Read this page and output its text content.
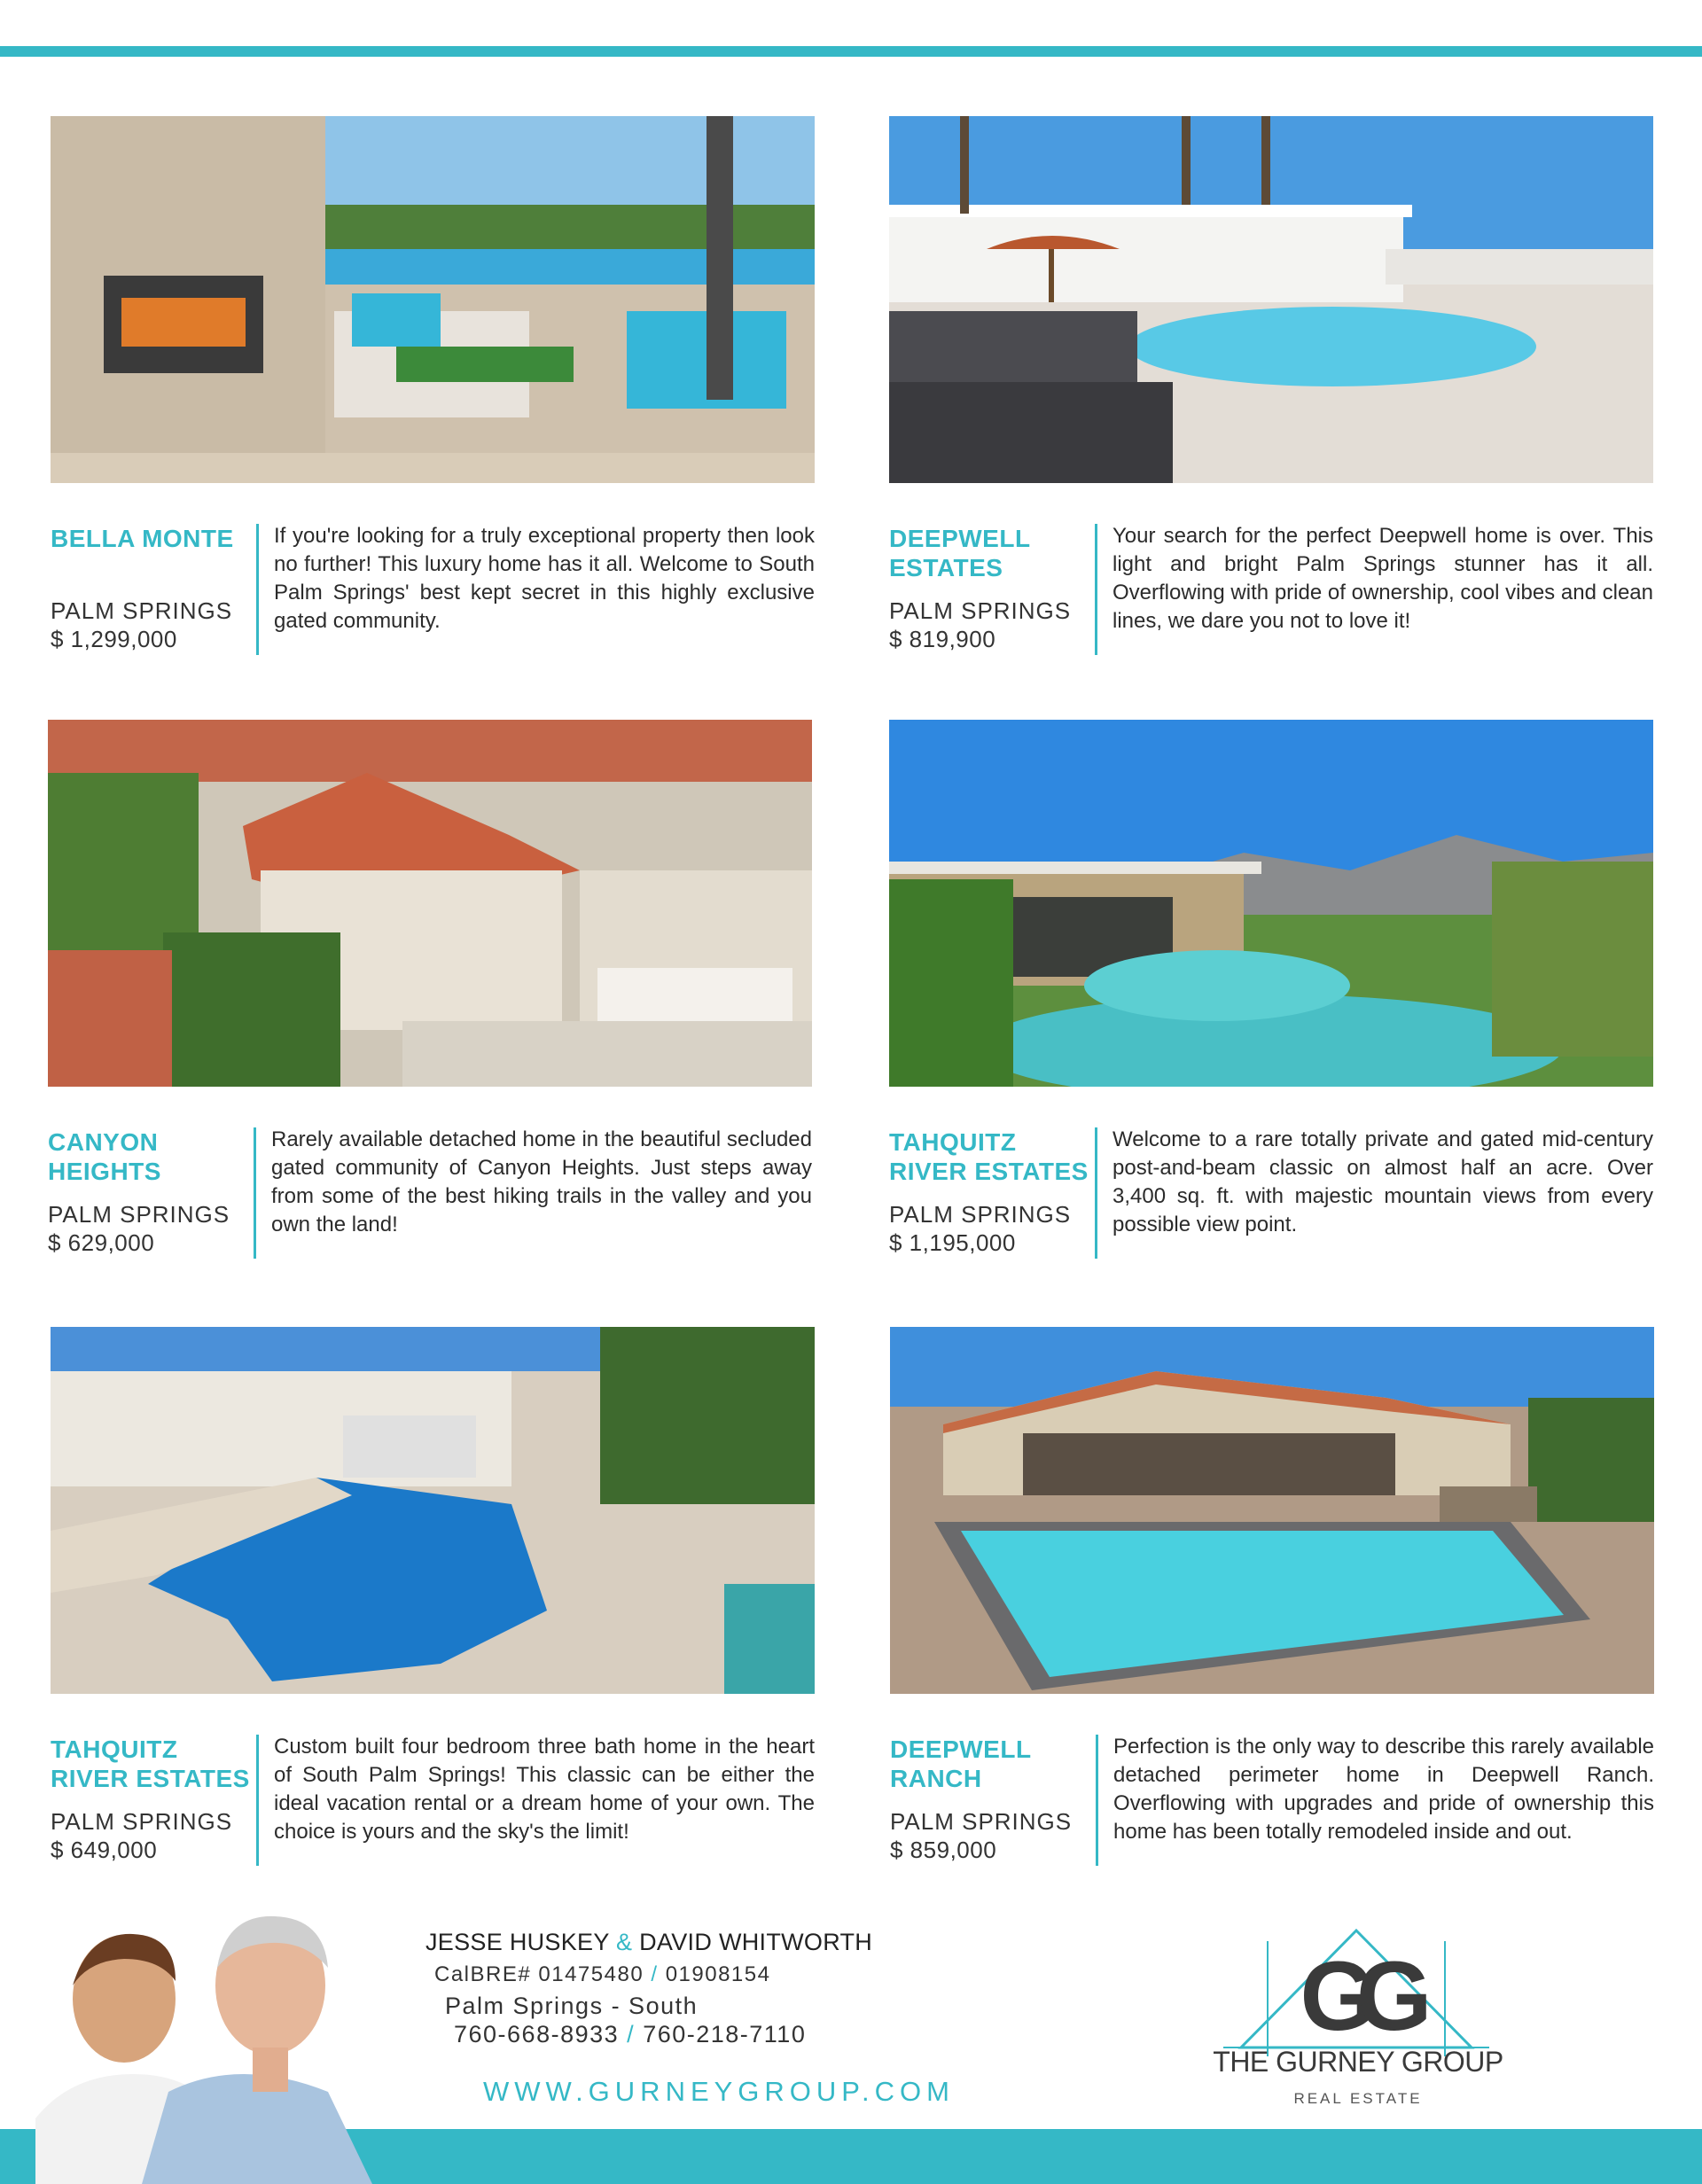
BELLA MONTE

PALM SPRINGS
$ 1,299,000
If you're looking for a truly exceptional property then look no further! This luxury home has it all. Welcome to South Palm Springs' best kept secret in this highly exclusive gated community.
DEEPWELL
ESTATES
PALM SPRINGS
$ 819,900
Your search for the perfect Deepwell home is over. This light and bright Palm Springs stunner has it all. Overflowing with pride of ownership, cool vibes and clean lines, we dare you not to love it!
CANYON
HEIGHTS
PALM SPRINGS
$ 629,000
Rarely available detached home in the beautiful secluded gated community of Canyon Heights. Just steps away from some of the best hiking trails in the valley and you own the land!
TAHQUITZ
RIVER ESTATES
PALM SPRINGS
$ 1,195,000
Welcome to a rare totally private and gated mid-century post-and-beam classic on almost half an acre. Over 3,400 sq. ft. with majestic mountain views from every possible view point.
TAHQUITZ
RIVER ESTATES
PALM SPRINGS
$ 649,000
Custom built four bedroom three bath home in the heart of South Palm Springs! This classic can be either the ideal vacation rental or a dream home of your own. The choice is yours and the sky's the limit!
DEEPWELL
RANCH
PALM SPRINGS
$ 859,000
Perfection is the only way to describe this rarely available detached perimeter home in Deepwell Ranch. Overflowing with upgrades and pride of ownership this home has been totally remodeled inside and out.
JESSE HUSKEY & DAVID WHITWORTH
CalBRE# 01475480 / 01908154
Palm Springs - South
760-668-8933 / 760-218-7110
WWW.GURNEYGROUP.COM
GG
THE GURNEY GROUP
REAL ESTATE
